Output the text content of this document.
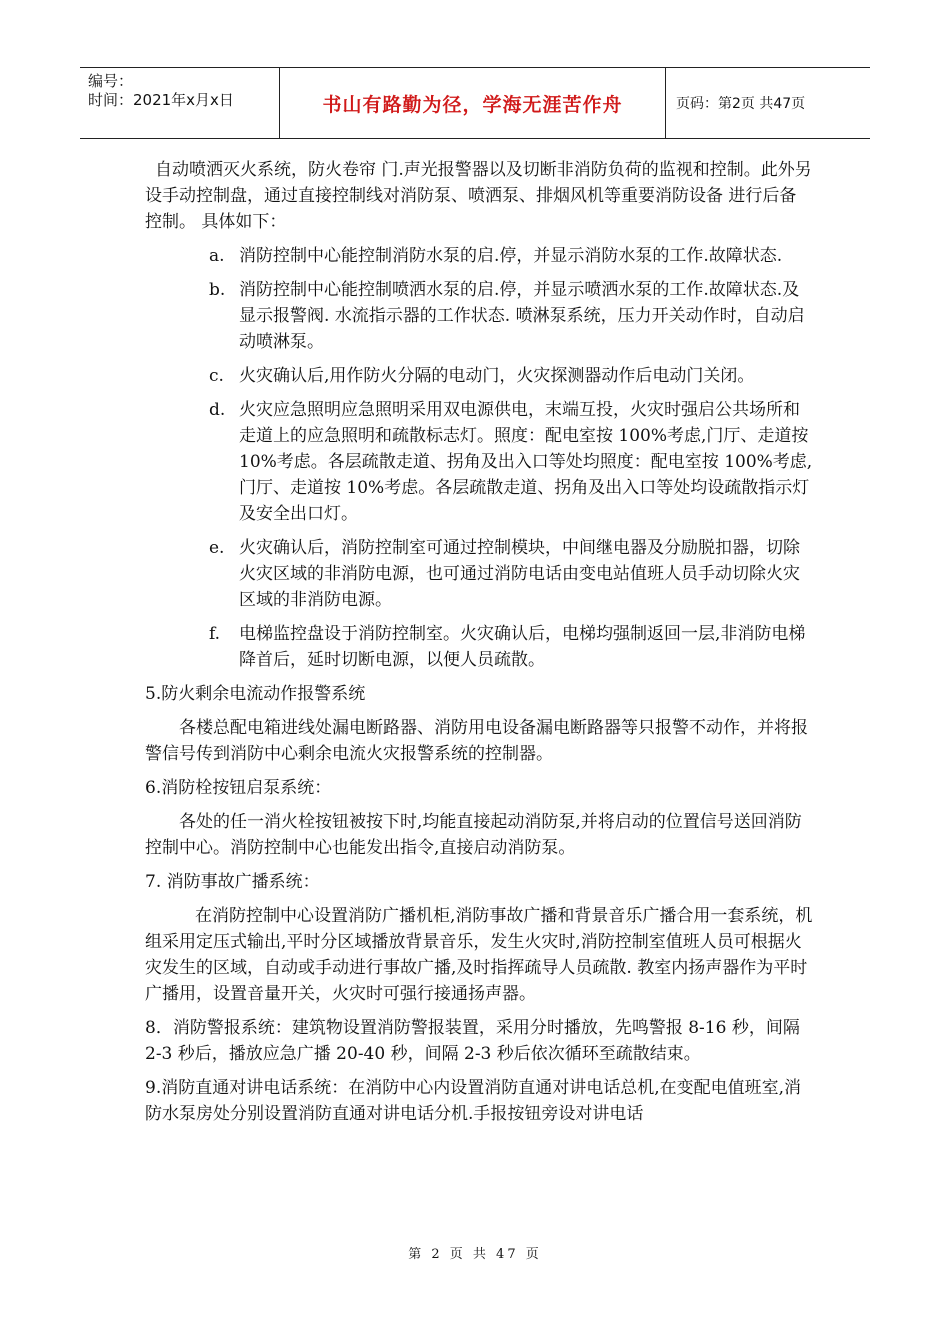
编号：
时间：2021年x月x日	书山有路勤为径，学海无涯苦作舟	页码：第2页 共47页

自动喷洒灭火系统，防火卷帘 门.声光报警器以及切断非消防负荷的监视和控制。此外另设手动控制盘，通过直接控制线对消防泵、喷洒泵、排烟风机等重要消防设备 进行后备控制。 具体如下：

a. 消防控制中心能控制消防水泵的启.停，并显示消防水泵的工作.故障状态.
b. 消防控制中心能控制喷洒水泵的启.停，并显示喷洒水泵的工作.故障状态.及显示报警阀. 水流指示器的工作状态. 喷淋泵系统，压力开关动作时，自动启动喷淋泵。
c. 火灾确认后,用作防火分隔的电动门，火灾探测器动作后电动门关闭。
d. 火灾应急照明应急照明采用双电源供电，末端互投，火灾时强启公共场所和走道上的应急照明和疏散标志灯。照度：配电室按 100%考虑,门厅、走道按 10%考虑。各层疏散走道、拐角及出入口等处均照度：配电室按 100%考虑,门厅、走道按 10%考虑。各层疏散走道、拐角及出入口等处均设疏散指示灯及安全出口灯。
e. 火灾确认后，消防控制室可通过控制模块，中间继电器及分励脱扣器，切除火灾区域的非消防电源，也可通过消防电话由变电站值班人员手动切除火灾区域的非消防电源。
f.	电梯监控盘设于消防控制室。火灾确认后，电梯均强制返回一层,非消防电梯降首后，延时切断电源，以便人员疏散。

5.防火剩余电流动作报警系统

各楼总配电箱进线处漏电断路器、消防用电设备漏电断路器等只报警不动作，并将报警信号传到消防中心剩余电流火灾报警系统的控制器。

6.消防栓按钮启泵系统：

各处的任一消火栓按钮被按下时,均能直接起动消防泵,并将启动的位置信号送回消防控制中心。消防控制中心也能发出指令,直接启动消防泵。

7. 消防事故广播系统：

在消防控制中心设置消防广播机柜,消防事故广播和背景音乐广播合用一套系统，机组采用定压式输出,平时分区域播放背景音乐，发生火灾时,消防控制室值班人员可根据火灾发生的区域，自动或手动进行事故广播,及时指挥疏导人员疏散. 教室内扬声器作为平时广播用，设置音量开关，火灾时可强行接通扬声器。

8．消防警报系统：建筑物设置消防警报装置，采用分时播放，先鸣警报 8-16 秒，间隔 2-3 秒后，播放应急广播 20-40 秒，间隔 2-3 秒后依次循环至疏散结束。

9.消防直通对讲电话系统：在消防中心内设置消防直通对讲电话总机,在变配电值班室,消防水泵房处分别设置消防直通对讲电话分机.手报按钮旁设对讲电话

第 2 页 共 47 页
